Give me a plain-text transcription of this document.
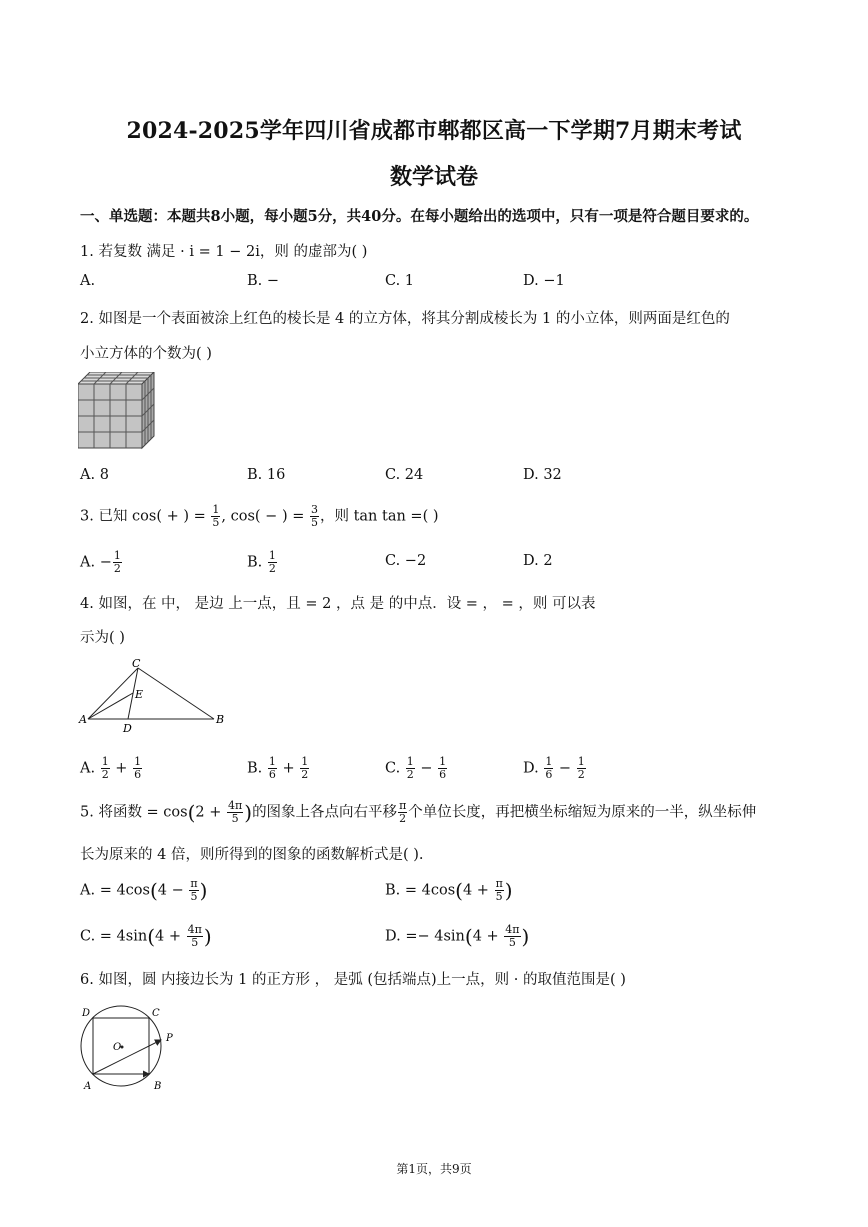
2024-2025学年四川省成都市郫都区高一下学期7月期末考试
数学试卷
一、单选题：本题共8小题，每小题5分，共40分。在每小题给出的选项中，只有一项是符合题目要求的。
1. 若复数 满足 · i = 1 − 2i，则 的虚部为( )
A.	B. −	C. 1	D. −1
2. 如图是一个表面被涂上红色的棱长是 4 的立方体，将其分割成棱长为 1 的小立体，则两面是红色的
小立方体的个数为( )
A. 8	B. 16	C. 24	D. 32
3. 已知 cos( + ) = $\frac{1}{5}$ , cos( − ) = $\frac{3}{5}$ ，则 tan tan =( )
A. − $\frac{1}{2}$	B. $\frac{1}{2}$	C. −2	D. 2
4. 如图，在 中， 是边 上一点，且 = 2 ，点 是 的中点．设 = ， = ，则 可以表
示为( )
C
E
A
D
B
A. $\frac{1}{2} + \frac{1}{6}$	B. $\frac{1}{6} + \frac{1}{2}$	C. $\frac{1}{2} - \frac{1}{6}$	D. $\frac{1}{6} - \frac{1}{2}$
5. 将函数 = $\cos(2 + \frac{4\pi}{5}$ )的图象上各点向右平移 $\frac{\pi}{2}$ 个单位长度，再把横坐标缩短为原来的一半，纵坐标伸
长为原来的 4 倍，则所得到的图象的函数解析式是( ).
A. = $4\cos(4 - \frac{\pi}{5}$ )	B. = $4\cos(4 + \frac{\pi}{5}$ )
C. = $4\sin(4 + \frac{4\pi}{5}$ )	D. =− $4\sin(4 + \frac{4\pi}{5}$ )
6. 如图，圆 内接边长为 1 的正方形 ， 是弧 (包括端点)上一点，则 · 的取值范围是( )
D	C
O
P
A	B
第1页，共9页
